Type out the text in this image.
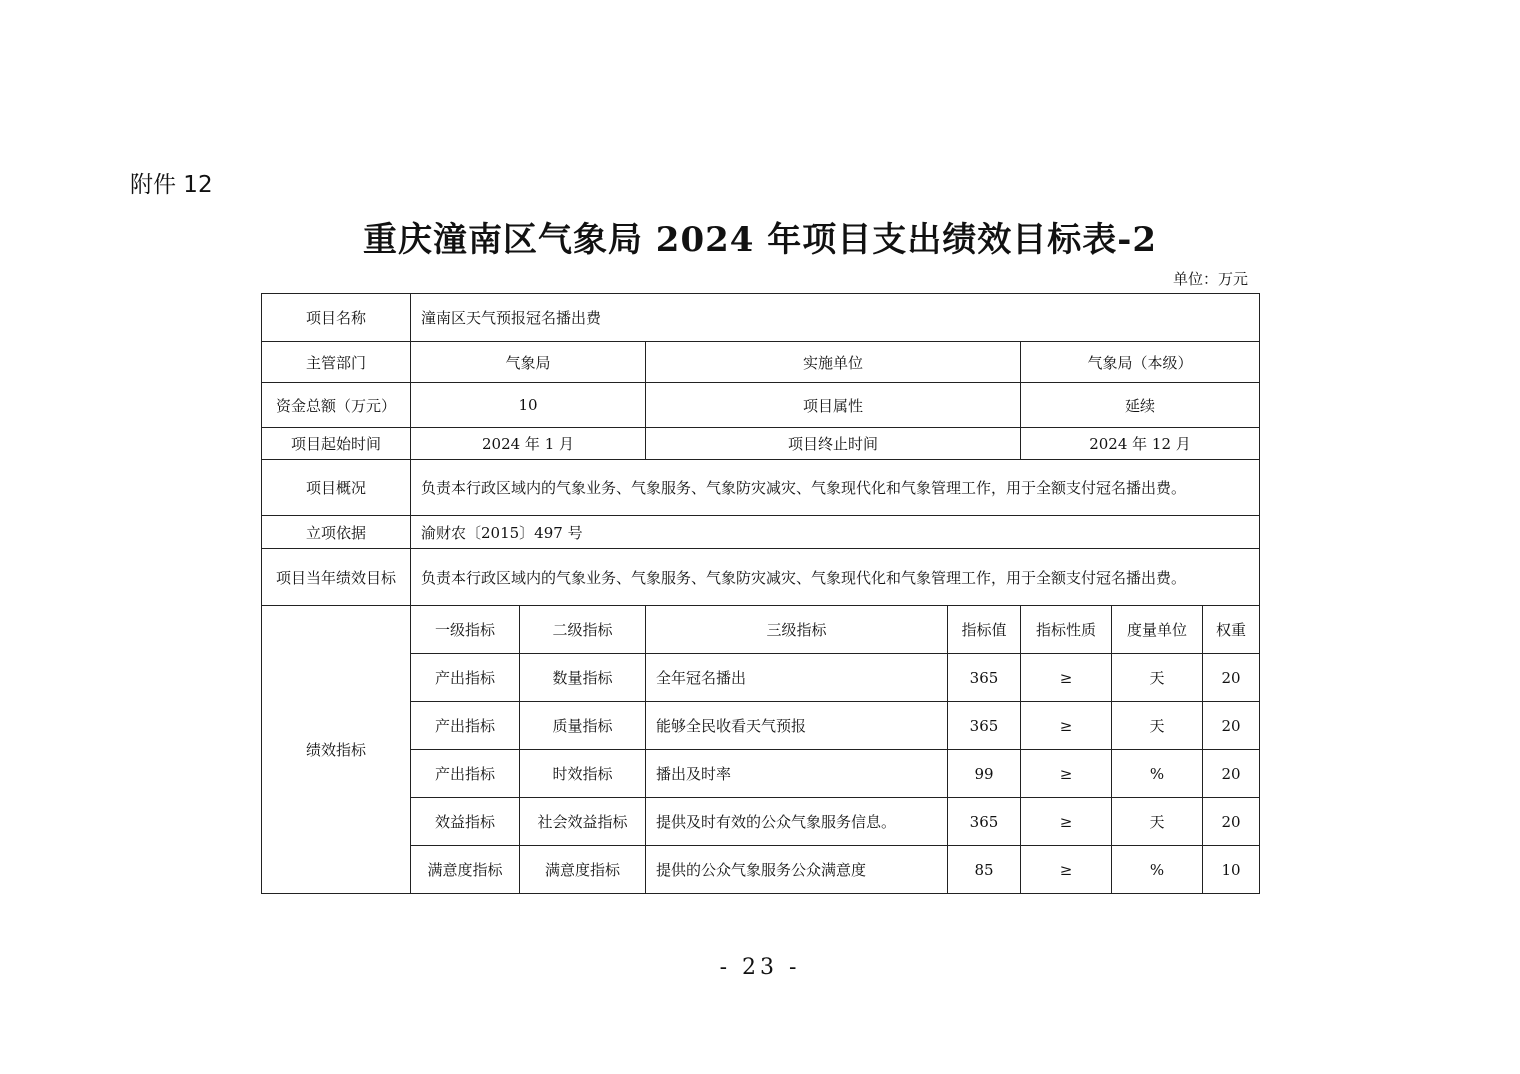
附件 12
重庆潼南区气象局 2024 年项目支出绩效目标表-2
单位：万元
项目名称	潼南区天气预报冠名播出费						
主管部门	气象局		实施单位		气象局（本级）		
资金总额（万元）	10		项目属性		延续		
项目起始时间	2024 年 1 月		项目终止时间		2024 年 12 月		
项目概况	负责本行政区域内的气象业务、气象服务、气象防灾减灾、气象现代化和气象管理工作，用于全额支付冠名播出费。						
立项依据	渝财农〔2015〕497 号						
项目当年绩效目标	负责本行政区域内的气象业务、气象服务、气象防灾减灾、气象现代化和气象管理工作，用于全额支付冠名播出费。						
绩效指标	一级指标	二级指标	三级指标	指标值	指标性质	度量单位	权重
	产出指标	数量指标	全年冠名播出	365	≥	天	20
	产出指标	质量指标	能够全民收看天气预报	365	≥	天	20
	产出指标	时效指标	播出及时率	99	≥	%	20
	效益指标	社会效益指标	提供及时有效的公众气象服务信息。	365	≥	天	20
	满意度指标	满意度指标	提供的公众气象服务公众满意度	85	≥	%	10
- 23 -
